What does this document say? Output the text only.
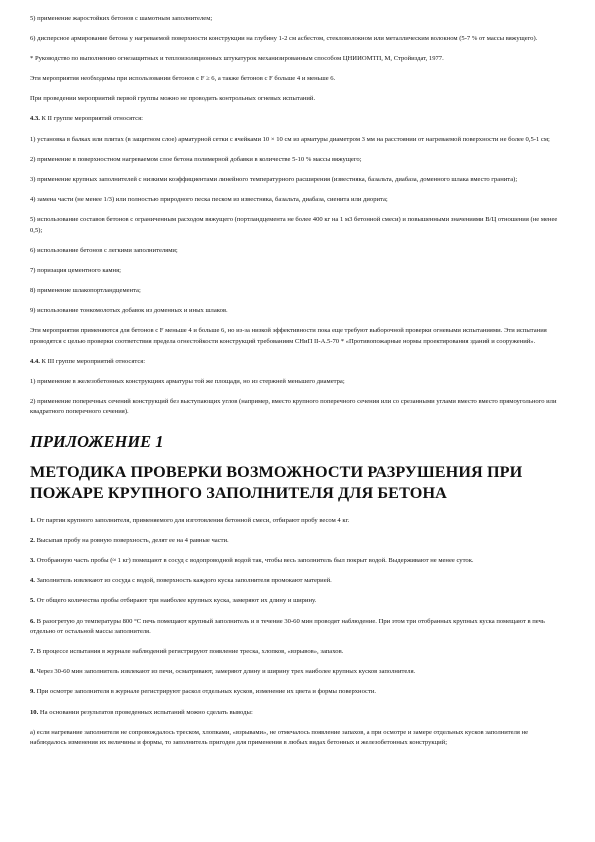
5) применение жаростойких бетонов с шамотным заполнителем;

6) дисперсное армирование бетона у нагреваемой поверхности конструкции на глубину 1-2 см асбестом, стекловолокном или металлическим волокном (5-7 % от массы вяжущего).

* Руководство по выполнению огнезащитных и теплоизоляционных штукатурок механизированным способом ЦНИИОМТП, М, Стройиздат, 1977.

Эти мероприятия необходимы при использовании бетонов с F ≥ 6, а также бетонов с F больше 4 и меньше 6.

При проведении мероприятий первой группы можно не проводить контрольных огневых испытаний.

4.3. К II группе мероприятий относятся:

1) установка в балках или плитах (в защитном слое) арматурной сетки с ячейками 10 × 10 см из арматуры диаметром 3 мм на расстоянии от нагреваемой поверхности не более 0,5-1 см;

2) применение в поверхностном нагреваемом слое бетона полимерной добавки в количестве 5-10 % массы вяжущего;

3) применение крупных заполнителей с низкими коэффициентами линейного температурного расширения (известняка, базальта, диабаза, доменного шлака вместо гранита);

4) замена части (не менее 1/3) или полностью природного песка песком из известняка, базальта, диабаза, сиенита или диорита;

5) использование составов бетонов с ограниченным расходом вяжущего (портландцемента не более 400 кг на 1 м3 бетонной смеси) и повышенными значениями В/Ц отношения (не менее 0,5);

6) использование бетонов с легкими заполнителями;

7) поризация цементного камня;

8) применение шлакопортландцемента;

9) использование тонкомолотых добавок из доменных и иных шлаков.

Эти мероприятия применяются для бетонов с F меньше 4 и больше 6, но из-за низкой эффективности пока еще требуют выборочной проверки огневыми испытаниями. Эти испытания проводятся с целью проверки соответствия предела огнестойкости конструкций требованиям СНиП II-A.5-70 * «Противопожарные нормы проектирования зданий и сооружений».

4.4. К III группе мероприятий относятся:

1) применение в железобетонных конструкциях арматуры той же площади, но из стержней меньшего диаметра;

2) применение поперечных сечений конструкций без выступающих углов (например, вместо крупного поперечного сечения или со срезанными углами вместо вместо прямоугольного или квадратного поперечного сечения).

ПРИЛОЖЕНИЕ 1
МЕТОДИКА ПРОВЕРКИ ВОЗМОЖНОСТИ РАЗРУШЕНИЯ ПРИ
ПОЖАРЕ КРУПНОГО ЗАПОЛНИТЕЛЯ ДЛЯ БЕТОНА

1. От партии крупного заполнителя, применяемого для изготовления бетонной смеси, отбирают пробу весом 4 кг.

2. Высыпав пробу на ровную поверхность, делят ее на 4 равные части.

3. Отобранную часть пробы (≈ 1 кг) помещают в сосуд с водопроводной водой так, чтобы весь заполнитель был покрыт водой. Выдерживают не менее суток.

4. Заполнитель извлекают из сосуда с водой, поверхность каждого куска заполнителя промокают материей.

5. От общего количества пробы отбирают три наиболее крупных куска, замеряют их длину и ширину.

6. В разогретую до температуры 800 °С печь помещают крупный заполнитель и в течение 30-60 мин проводят наблюдение. При этом три отобранных крупных куска помещают в печь отдельно от остальной массы заполнителя.

7. В процессе испытания в журнале наблюдений регистрируют появление треска, хлопков, «взрывов», запахов.

8. Через 30-60 мин заполнитель извлекают из печи, осматривают, замеряют длину и ширину трех наиболее крупных кусков заполнителя.

9. При осмотре заполнителя в журнале регистрируют раскол отдельных кусков, изменение их цвета и формы поверхности.

10. На основании результатов проведенных испытаний можно сделать выводы:

а) если нагревание заполнителя не сопровождалось треском, хлопками, «взрывами», не отмечалось появление запахов, а при осмотре и замере отдельных кусков заполнителя не наблюдалось изменения их величины и формы, то заполнитель пригоден для применения в любых видах бетонных и железобетонных конструкций;
